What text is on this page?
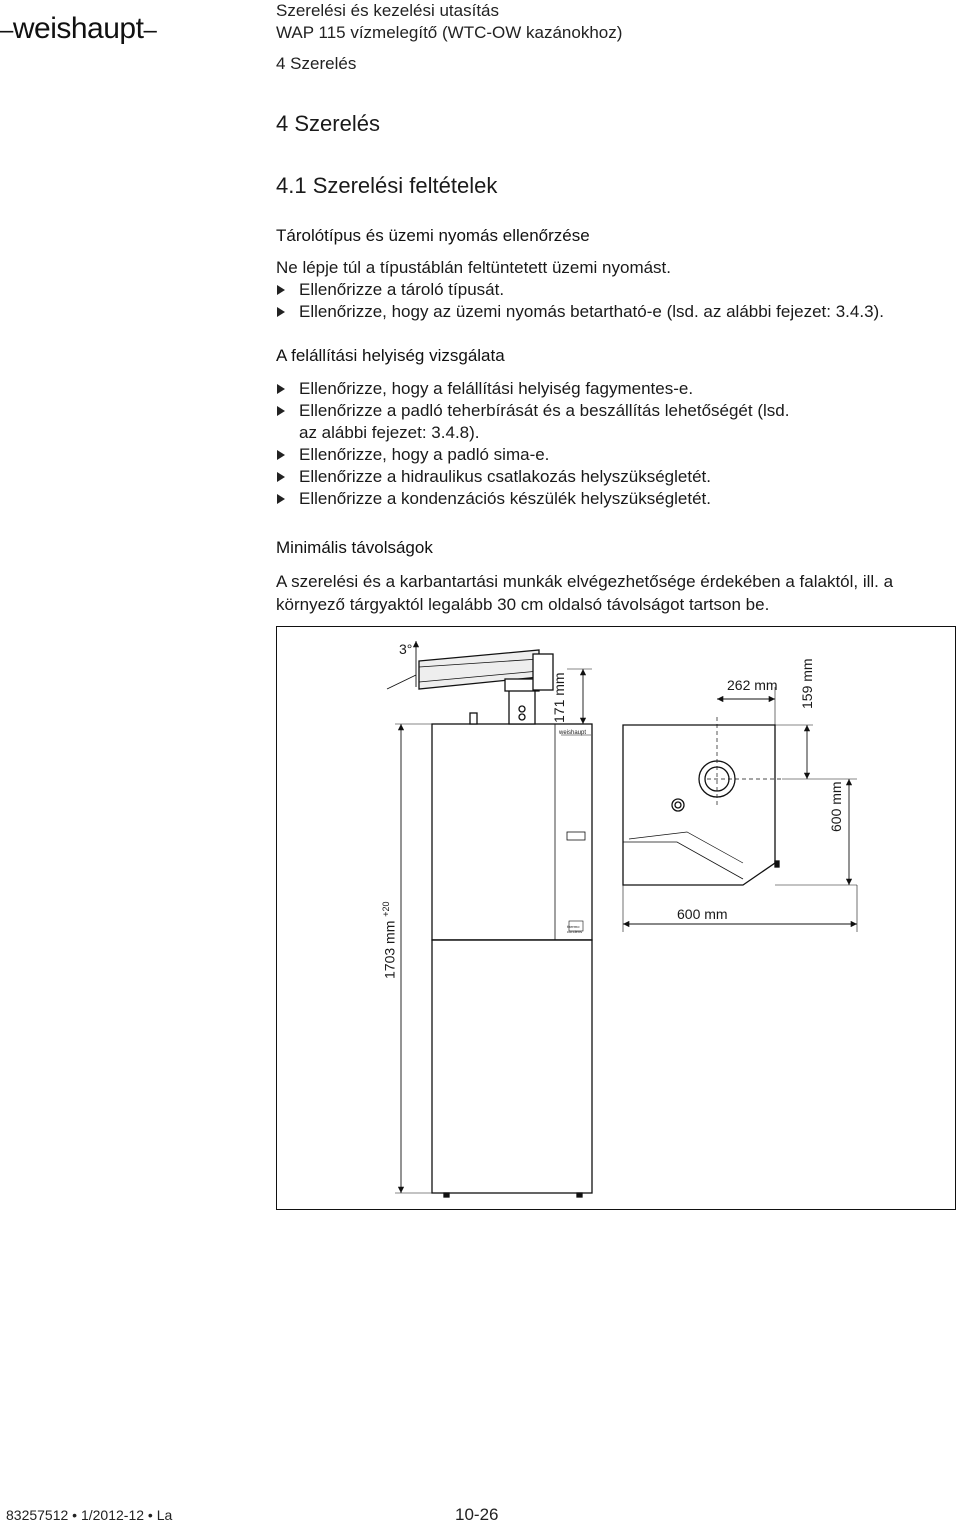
–weishaupt–
Szerelési és kezelési utasítás
WAP 115 vízmelegítő (WTC-OW kazánokhoz)
4 Szerelés
4 Szerelés
4.1 Szerelési feltételek
Tárolótípus és üzemi nyomás ellenőrzése
Ne lépje túl a típustáblán feltüntetett üzemi nyomást.
Ellenőrizze a tároló típusát.
Ellenőrizze, hogy az üzemi nyomás betartható-e (lsd. az alábbi fejezet: 3.4.3).
A felállítási helyiség vizsgálata
Ellenőrizze, hogy a felállítási helyiség fagymentes-e.
Ellenőrizze a padló teherbírását és a beszállítás lehetőségét (lsd. az alábbi fejezet: 3.4.8).
Ellenőrizze, hogy a padló sima-e.
Ellenőrizze a hidraulikus csatlakozás helyszükségletét.
Ellenőrizze a kondenzációs készülék helyszükségletét.
Minimális távolságok
A szerelési és a karbantartási munkák elvégezhetősége érdekében a falaktól, ill. a környező tárgyaktól legalább 30 cm oldalsó távolságot tartson be.
3°
171 mm	262 mm 159 mm
600 mm
600 mm
1703 mm $^{+20}$
weishaupt
thermo condens
83257512 • 1/2012-12 • La	10-26
